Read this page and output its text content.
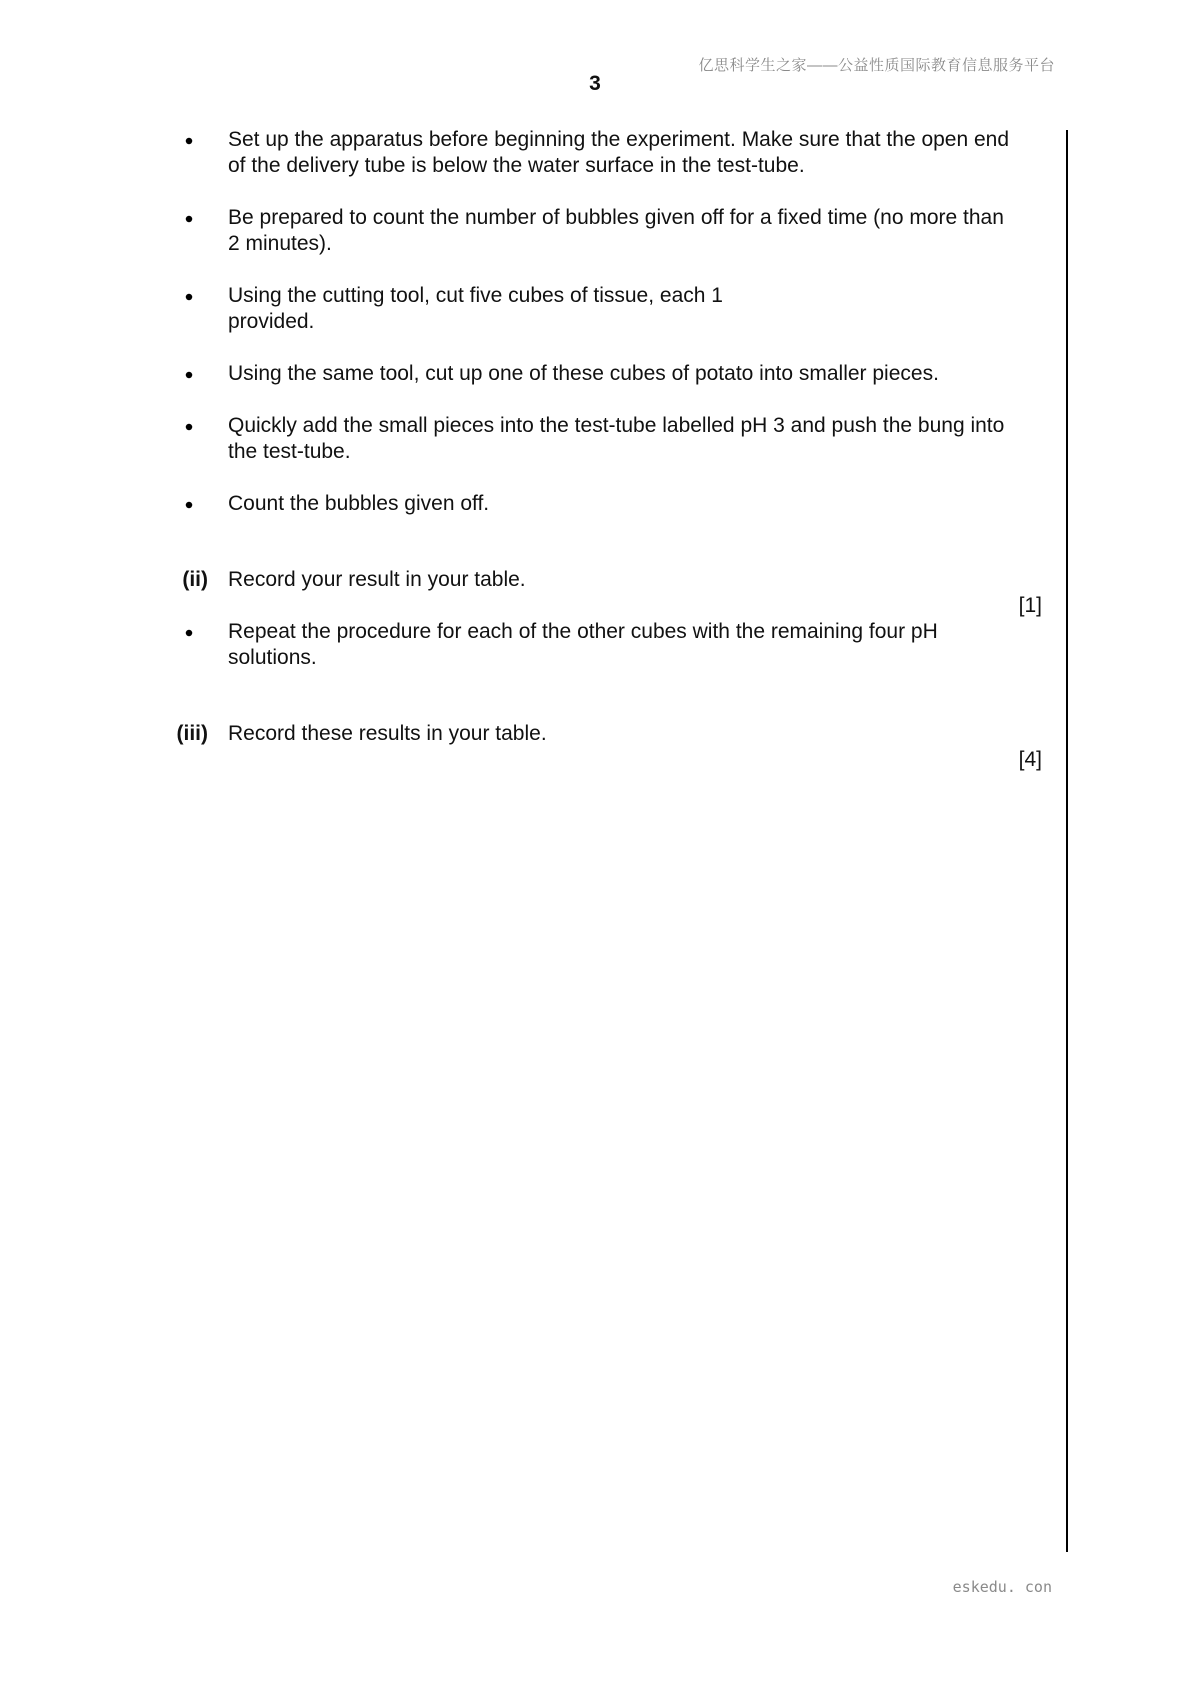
亿思科学生之家——公益性质国际教育信息服务平台
3
Set up the apparatus before beginning the experiment. Make sure that the open end of the delivery tube is below the water surface in the test-tube.
Be prepared to count the number of bubbles given off for a fixed time (no more than 2 minutes).
Using the cutting tool, cut five cubes of tissue, each 1
provided.
Using the same tool, cut up one of these cubes of potato into smaller pieces.
Quickly add the small pieces into the test-tube labelled pH 3 and push the bung into the test-tube.
Count the bubbles given off.
(ii) Record your result in your table.
[1]
Repeat the procedure for each of the other cubes with the remaining four pH solutions.
(iii) Record these results in your table.
[4]
eskedu. con
